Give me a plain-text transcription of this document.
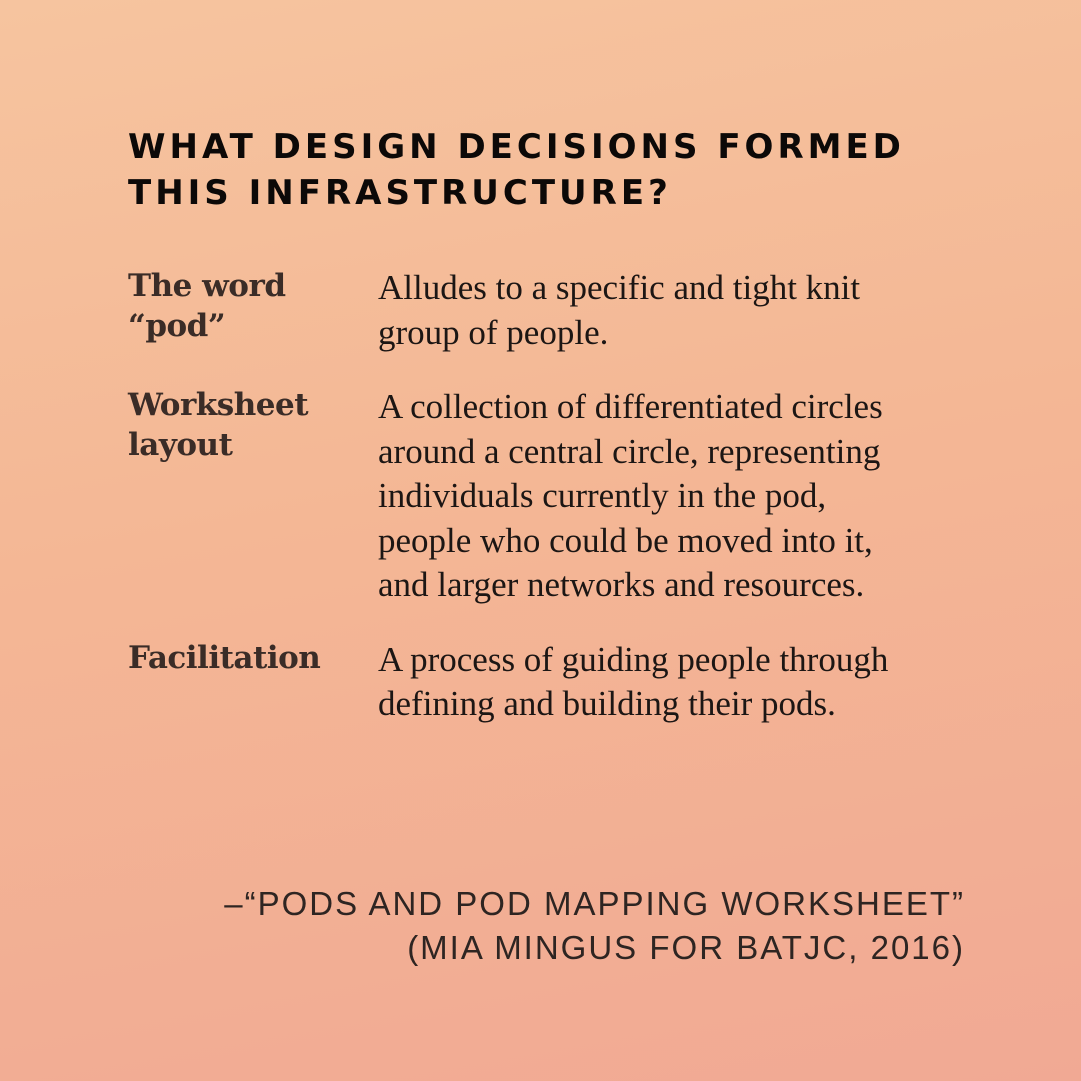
WHAT DESIGN DECISIONS FORMED
THIS INFRASTRUCTURE?
The word
“pod”
Alludes to a specific and tight knit
group of people.
Worksheet
layout
A collection of differentiated circles
around a central circle, representing
individuals currently in the pod,
people who could be moved into it,
and larger networks and resources.
Facilitation	A process of guiding people through
defining and building their pods.
–“PODS AND POD MAPPING WORKSHEET”
(MIA MINGUS FOR BATJC, 2016)
